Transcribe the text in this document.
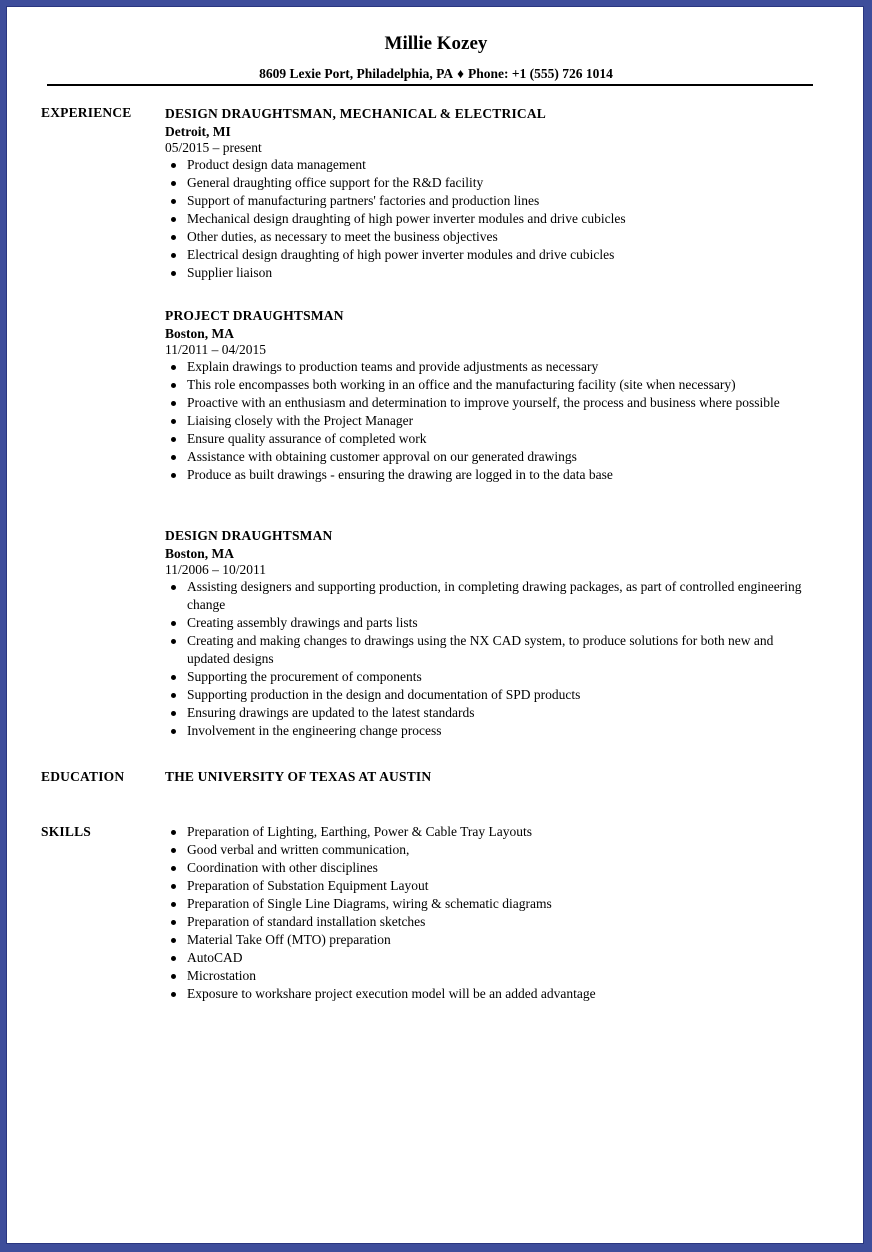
Millie Kozey
8609 Lexie Port, Philadelphia, PA ♦ Phone: +1 (555) 726 1014
EXPERIENCE DESIGN DRAUGHTSMAN, MECHANICAL & ELECTRICAL
Detroit, MI
05/2015 – present
Product design data management
General draughting office support for the R&D facility
Support of manufacturing partners' factories and production lines
Mechanical design draughting of high power inverter modules and drive cubicles
Other duties, as necessary to meet the business objectives
Electrical design draughting of high power inverter modules and drive cubicles
Supplier liaison
PROJECT DRAUGHTSMAN
Boston, MA
11/2011 – 04/2015
Explain drawings to production teams and provide adjustments as necessary
This role encompasses both working in an office and the manufacturing facility (site when necessary)
Proactive with an enthusiasm and determination to improve yourself, the process and business where possible
Liaising closely with the Project Manager
Ensure quality assurance of completed work
Assistance with obtaining customer approval on our generated drawings
Produce as built drawings - ensuring the drawing are logged in to the data base
DESIGN DRAUGHTSMAN
Boston, MA
11/2006 – 10/2011
Assisting designers and supporting production, in completing drawing packages, as part of controlled engineering change
Creating assembly drawings and parts lists
Creating and making changes to drawings using the NX CAD system, to produce solutions for both new and updated designs
Supporting the procurement of components
Supporting production in the design and documentation of SPD products
Ensuring drawings are updated to the latest standards
Involvement in the engineering change process
EDUCATION	THE UNIVERSITY OF TEXAS AT AUSTIN
SKILLS	Preparation of Lighting, Earthing, Power & Cable Tray Layouts
Good verbal and written communication,
Coordination with other disciplines
Preparation of Substation Equipment Layout
Preparation of Single Line Diagrams, wiring & schematic diagrams
Preparation of standard installation sketches
Material Take Off (MTO) preparation
AutoCAD
Microstation
Exposure to workshare project execution model will be an added advantage
